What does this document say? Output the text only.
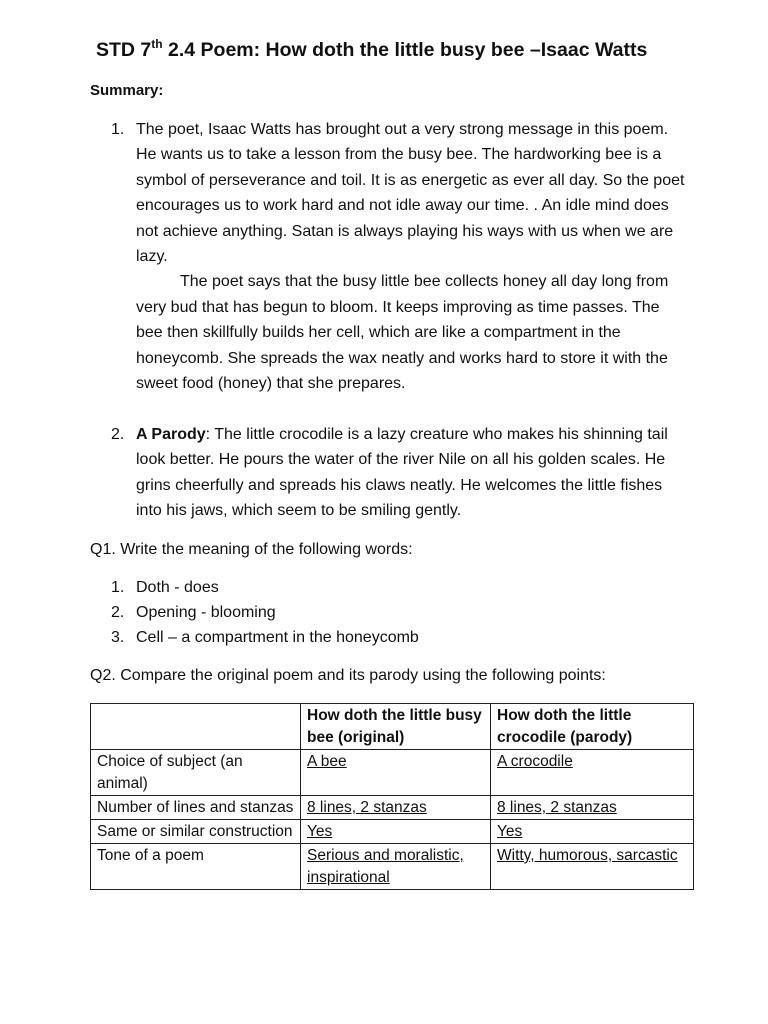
STD 7th 2.4 Poem: How doth the little busy bee –Isaac Watts

Summary:

1. The poet, Isaac Watts has brought out a very strong message in this poem. He wants us to take a lesson from the busy bee. The hardworking bee is a symbol of perseverance and toil. It is as energetic as ever all day. So the poet encourages us to work hard and not idle away our time. . An idle mind does not achieve anything. Satan is always playing his ways with us when we are lazy.
The poet says that the busy little bee collects honey all day long from very bud that has begun to bloom. It keeps improving as time passes. The bee then skillfully builds her cell, which are like a compartment in the honeycomb. She spreads the wax neatly and works hard to store it with the sweet food (honey) that she prepares.
2. A Parody: The little crocodile is a lazy creature who makes his shinning tail look better. He pours the water of the river Nile on all his golden scales. He grins cheerfully and spreads his claws neatly. He welcomes the little fishes into his jaws, which seem to be smiling gently.

Q1. Write the meaning of the following words:

1. Doth - does

2. Opening - blooming

3. Cell – a compartment in the honeycomb

Q2. Compare the original poem and its parody using the following points:

	How doth the little busy bee (original)	How doth the little crocodile (parody)
Choice of subject (an animal)	A bee	A crocodile
Number of lines and stanzas	8 lines, 2 stanzas	8 lines, 2 stanzas
Same or similar construction	Yes	Yes
Tone of a poem	Serious and moralistic, inspirational	Witty, humorous, sarcastic
